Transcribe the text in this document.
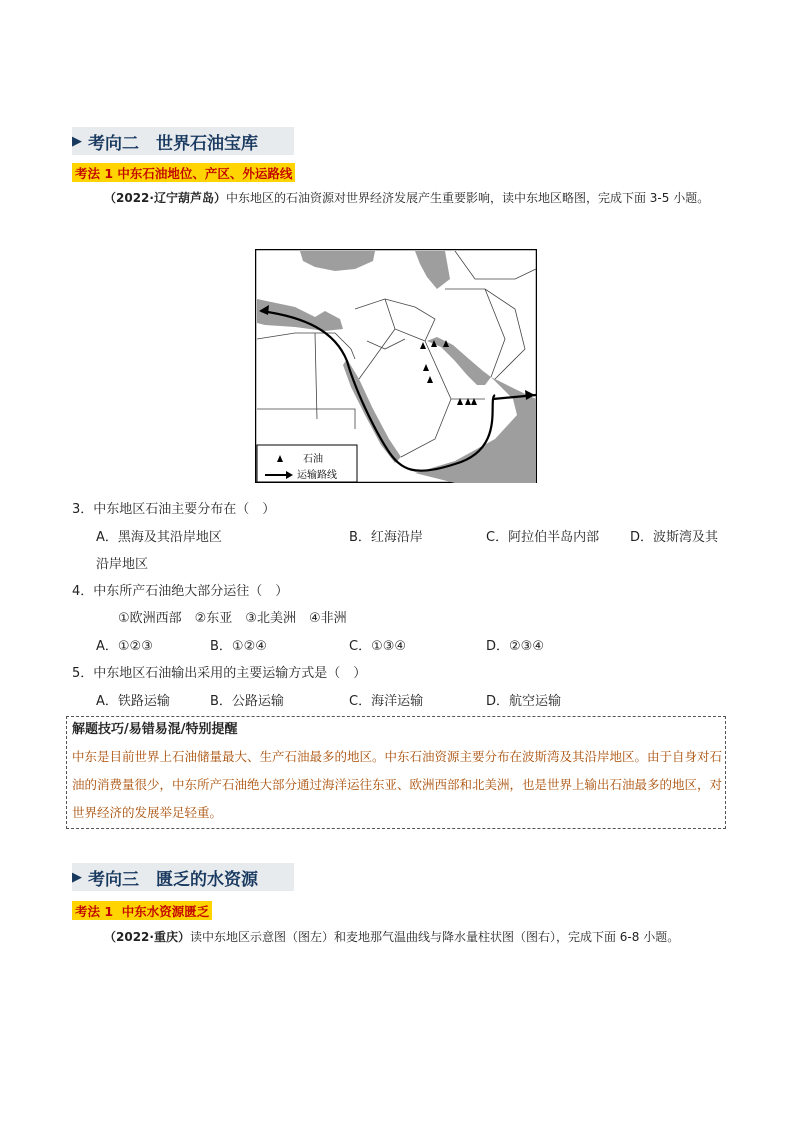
▶ 考向二　世界石油宝库
考法 1 中东石油地位、产区、外运路线
（2022·辽宁葫芦岛）中东地区的石油资源对世界经济发展产生重要影响，读中东地区略图，完成下面 3-5 小题。
石油
运输路线
3．中东地区石油主要分布在（　）
A．黑海及其沿岸地区	B．红海沿岸	C．阿拉伯半岛内部 D．波斯湾及其
沿岸地区
4．中东所产石油绝大部分运往（　）
①欧洲西部　②东亚　③北美洲　④非洲
A．①②③	B．①②④	C．①③④	D．②③④
5．中东地区石油输出采用的主要运输方式是（　）
A．铁路运输	B．公路运输	C．海洋运输	D．航空运输
解题技巧/易错易混/特别提醒
中东是目前世界上石油储量最大、生产石油最多的地区。中东石油资源主要分布在波斯湾及其沿岸地区。由于自身对石油的消费量很少，中东所产石油绝大部分通过海洋运往东亚、欧洲西部和北美洲，也是世界上输出石油最多的地区，对世界经济的发展举足轻重。
▶ 考向三　匮乏的水资源
考法 1  中东水资源匮乏
（2022·重庆）读中东地区示意图（图左）和麦地那气温曲线与降水量柱状图（图右），完成下面 6-8 小题。
